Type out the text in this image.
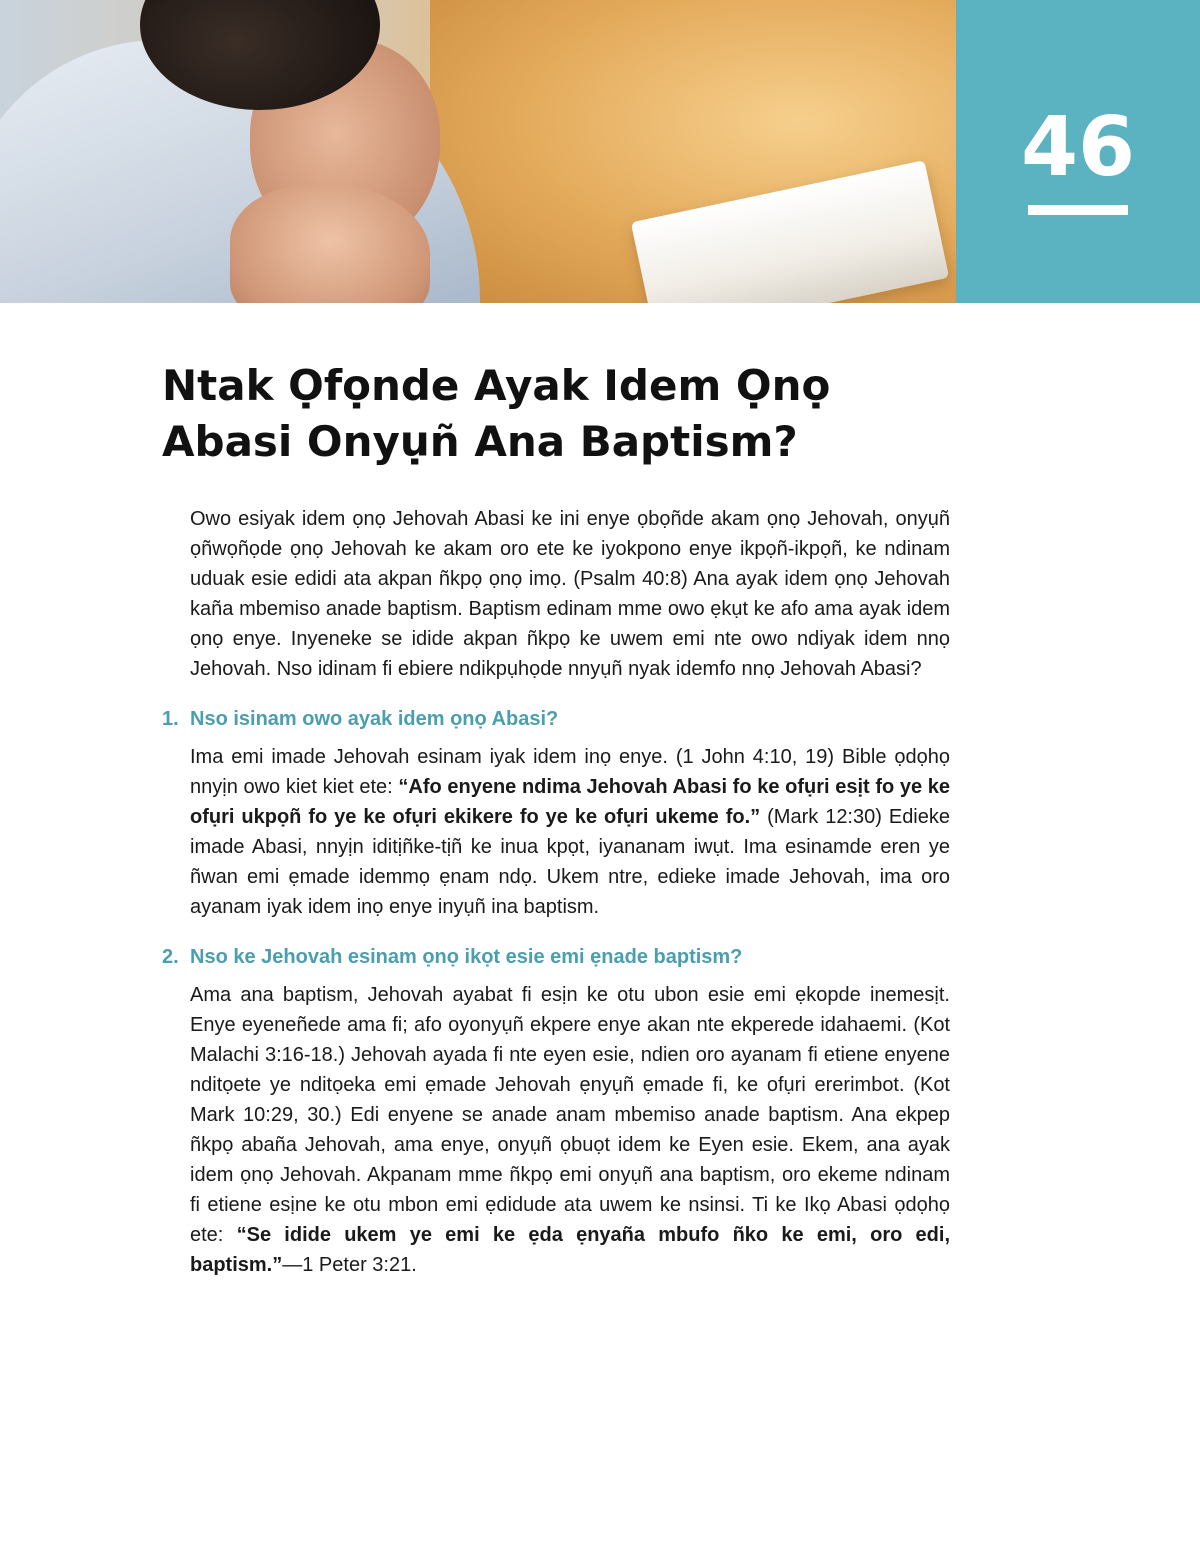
46
Ntak Ọfọnde Ayak Idem Ọnọ
Abasi Onyụñ Ana Baptism?

Owo esiyak idem ọnọ Jehovah Abasi ke ini enye ọbọñde akam ọnọ Jehovah, onyụñ ọñwọñọde ọnọ Jehovah ke akam oro ete ke iyokpono enye ikpọñ-ikpọñ, ke ndinam uduak esie edidi ata akpan ñkpọ ọnọ imọ. (Psalm 40:8) Ana ayak idem ọnọ Jehovah kaña mbemiso anade baptism. Baptism edinam mme owo ẹkụt ke afo ama ayak idem ọnọ enye. Inyeneke se idide akpan ñkpọ ke uwem emi nte owo ndiyak idem nnọ Jehovah. Nso idinam fi ebiere ndikpụhọde nnyụñ nyak idemfo nnọ Jehovah Abasi?

1. Nso isinam owo ayak idem ọnọ Abasi?

Ima emi imade Jehovah esinam iyak idem inọ enye. (1 John 4:10, 19) Bible ọdọhọ nnyịn owo kiet kiet ete: “Afo enyene ndima Jehovah Abasi fo ke ofụri esịt fo ye ke ofụri ukpọñ fo ye ke ofụri ekikere fo ye ke ofụri ukeme fo.” (Mark 12:30) Edieke imade Abasi, nnyịn iditịñke-tịñ ke inua kpọt, iyananam iwụt. Ima esinamde eren ye ñwan emi ẹmade idemmọ ẹnam ndọ. Ukem ntre, edieke imade Jehovah, ima oro ayanam iyak idem inọ enye inyụñ ina baptism.

2. Nso ke Jehovah esinam ọnọ ikọt esie emi ẹnade baptism?

Ama ana baptism, Jehovah ayabat fi esịn ke otu ubon esie emi ẹkopde inemesịt. Enye eyeneñede ama fi; afo oyonyụñ ekpere enye akan nte ekperede idahaemi. (Kot Malachi 3:16-18.) Jehovah ayada fi nte eyen esie, ndien oro ayanam fi etiene enyene nditọete ye nditọeka emi ẹmade Jehovah ẹnyụñ ẹmade fi, ke ofụri ererimbot. (Kot Mark 10:29, 30.) Edi enyene se anade anam mbemiso anade baptism. Ana ekpep ñkpọ abaña Jehovah, ama enye, onyụñ ọbuọt idem ke Eyen esie. Ekem, ana ayak idem ọnọ Jehovah. Akpanam mme ñkpọ emi onyụñ ana baptism, oro ekeme ndinam fi etiene esịne ke otu mbon emi ẹdidude ata uwem ke nsinsi. Ti ke Ikọ Abasi ọdọhọ ete: “Se idide ukem ye emi ke ẹda ẹnyaña mbufo ñko ke emi, oro edi, baptism.”—1 Peter 3:21.
